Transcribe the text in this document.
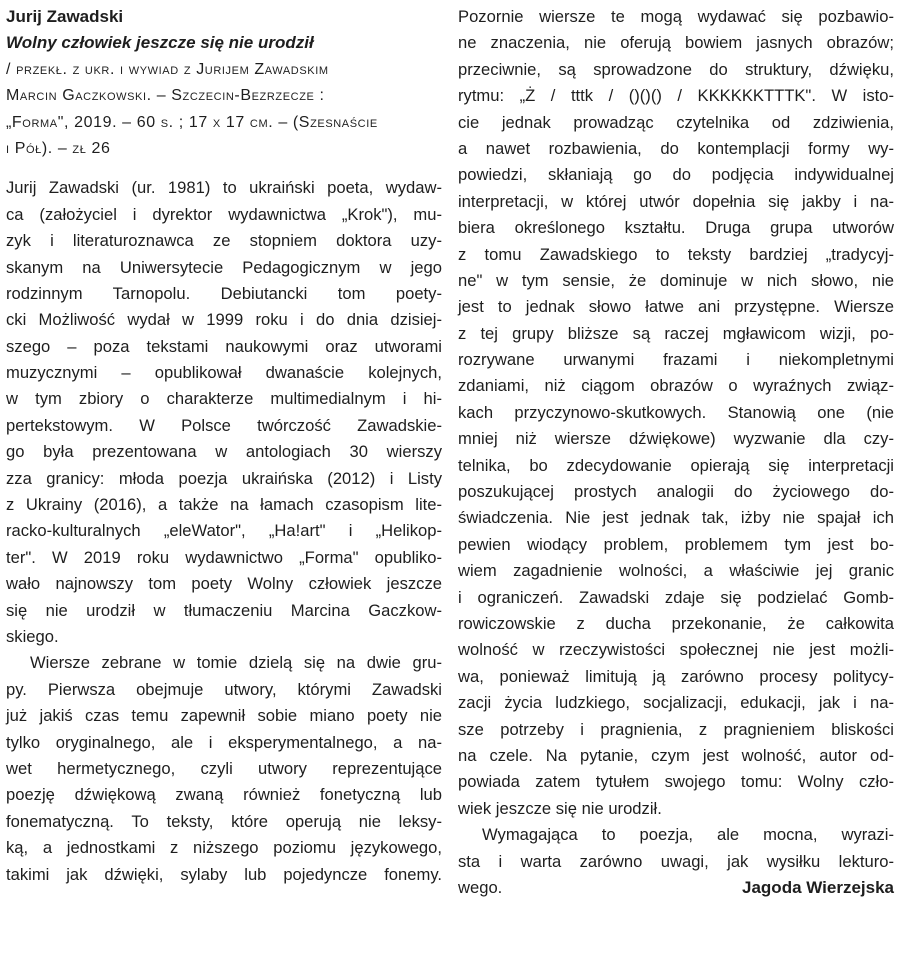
Jurij Zawadski
Wolny człowiek jeszcze się nie urodził
/ przekł. z ukr. i wywiad z Jurijem Zawadskim
Marcin Gaczkowski. – Szczecin-Bezrzecze :
„Forma", 2019. – 60 s. ; 17 x 17 cm. – (Szesnaście
i Pół). – zł 26
Jurij Zawadski (ur. 1981) to ukraiński poeta, wydaw-
ca (założyciel i dyrektor wydawnictwa „Krok"), mu-
zyk i literaturoznawca ze stopniem doktora uzy-
skanym na Uniwersytecie Pedagogicznym w jego
rodzinnym Tarnopolu. Debiutancki tom poety-
cki Możliwość wydał w 1999 roku i do dnia dzisiej-
szego – poza tekstami naukowymi oraz utworami
muzycznymi – opublikował dwanaście kolejnych,
w tym zbiory o charakterze multimedialnym i hi-
pertekstowym. W Polsce twórczość Zawadskie-
go była prezentowana w antologiach 30 wierszy
zza granicy: młoda poezja ukraińska (2012) i Listy
z Ukrainy (2016), a także na łamach czasopism lite-
racko-kulturalnych „eleWator", „Ha!art" i „Helikop-
ter". W 2019 roku wydawnictwo „Forma" opubliko-
wało najnowszy tom poety Wolny człowiek jeszcze
się nie urodził w tłumaczeniu Marcina Gaczkow-
skiego.
Wiersze zebrane w tomie dzielą się na dwie gru-
py. Pierwsza obejmuje utwory, którymi Zawadski
już jakiś czas temu zapewnił sobie miano poety nie
tylko oryginalnego, ale i eksperymentalnego, a na-
wet hermetycznego, czyli utwory reprezentujące
poezję dźwiękową zwaną również fonetyczną lub
fonematyczną. To teksty, które operują nie leksy-
ką, a jednostkami z niższego poziomu językowego,
takimi jak dźwięki, sylaby lub pojedyncze fonemy.
Pozornie wiersze te mogą wydawać się pozbawio-
ne znaczenia, nie oferują bowiem jasnych obrazów;
przeciwnie, są sprowadzone do struktury, dźwięku,
rytmu: „Ż / tttk / ()()() / KKKKKKTTTK". W isto-
cie jednak prowadząc czytelnika od zdziwienia,
a nawet rozbawienia, do kontemplacji formy wy-
powiedzi, skłaniają go do podjęcia indywidualnej
interpretacji, w której utwór dopełnia się jakby i na-
biera określonego kształtu. Druga grupa utworów
z tomu Zawadskiego to teksty bardziej „tradycyj-
ne" w tym sensie, że dominuje w nich słowo, nie
jest to jednak słowo łatwe ani przystępne. Wiersze
z tej grupy bliższe są raczej mgławicom wizji, po-
rozrywane urwanymi frazami i niekompletnymi
zdaniami, niż ciągom obrazów o wyraźnych związ-
kach przyczynowo-skutkowych. Stanowią one (nie
mniej niż wiersze dźwiękowe) wyzwanie dla czy-
telnika, bo zdecydowanie opierają się interpretacji
poszukującej prostych analogii do życiowego do-
świadczenia. Nie jest jednak tak, iżby nie spajał ich
pewien wiodący problem, problemem tym jest bo-
wiem zagadnienie wolności, a właściwie jej granic
i ograniczeń. Zawadski zdaje się podzielać Gomb-
rowiczowskie z ducha przekonanie, że całkowita
wolność w rzeczywistości społecznej nie jest możli-
wa, ponieważ limitują ją zarówno procesy politycy-
zacji życia ludzkiego, socjalizacji, edukacji, jak i na-
sze potrzeby i pragnienia, z pragnieniem bliskości
na czele. Na pytanie, czym jest wolność, autor od-
powiada zatem tytułem swojego tomu: Wolny czło-
wiek jeszcze się nie urodził.
Wymagająca to poezja, ale mocna, wyrazi-
sta i warta zarówno uwagi, jak wysiłku lekturo-
wego.	Jagoda Wierzejska
